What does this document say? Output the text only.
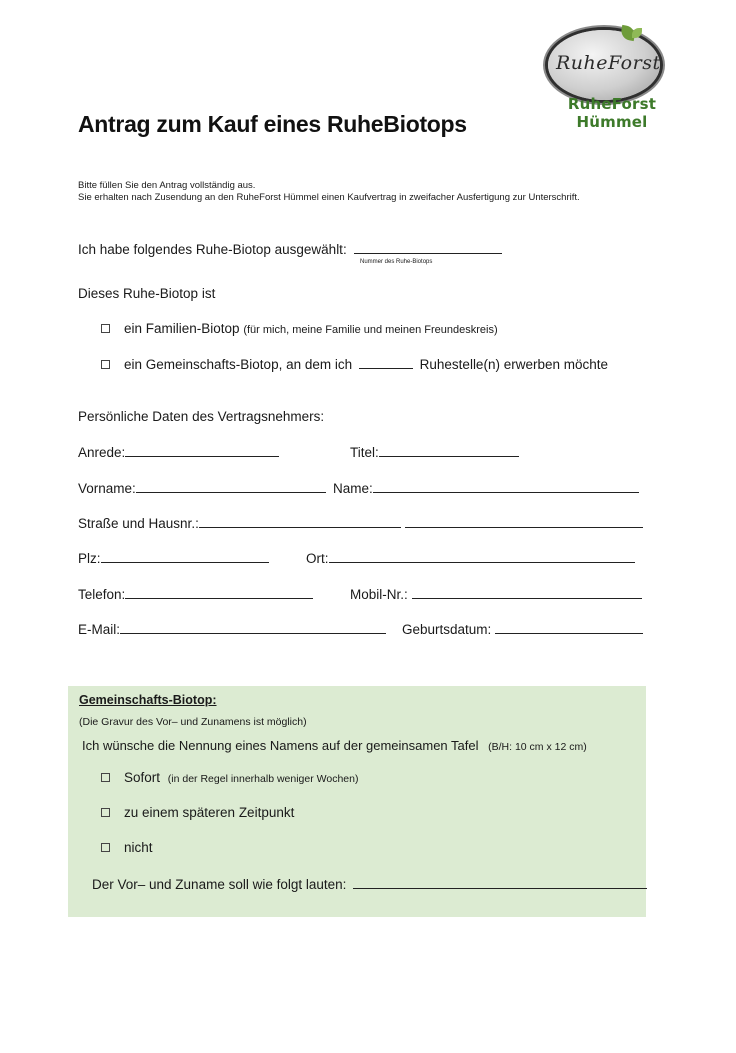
RuheForst
RuheForst Hümmel
Antrag zum Kauf eines RuheBiotops
Bitte füllen Sie den Antrag vollständig aus.
Sie erhalten nach Zusendung an den RuheForst Hümmel einen Kaufvertrag in zweifacher Ausfertigung zur Unterschrift.
Ich habe folgendes Ruhe-Biotop ausgewählt:
Nummer des Ruhe-Biotops
Dieses Ruhe-Biotop ist
ein Familien-Biotop (für mich, meine Familie und meinen Freundeskreis)
ein Gemeinschafts-Biotop, an dem ich	Ruhestelle(n) erwerben möchte
Persönliche Daten des Vertragsnehmers:
Anrede:	Titel:
Vorname:	Name:
Straße und Hausnr.:
Plz:	Ort:
Telefon:	Mobil-Nr.:
E-Mail:	Geburtsdatum:
Gemeinschafts-Biotop:
(Die Gravur des Vor– und Zunamens ist möglich)
Ich wünsche die Nennung eines Namens auf der gemeinsamen Tafel (B/H: 10 cm x 12 cm)
Sofort (in der Regel innerhalb weniger Wochen)
zu einem späteren Zeitpunkt
nicht
Der Vor– und Zuname soll wie folgt lauten:
